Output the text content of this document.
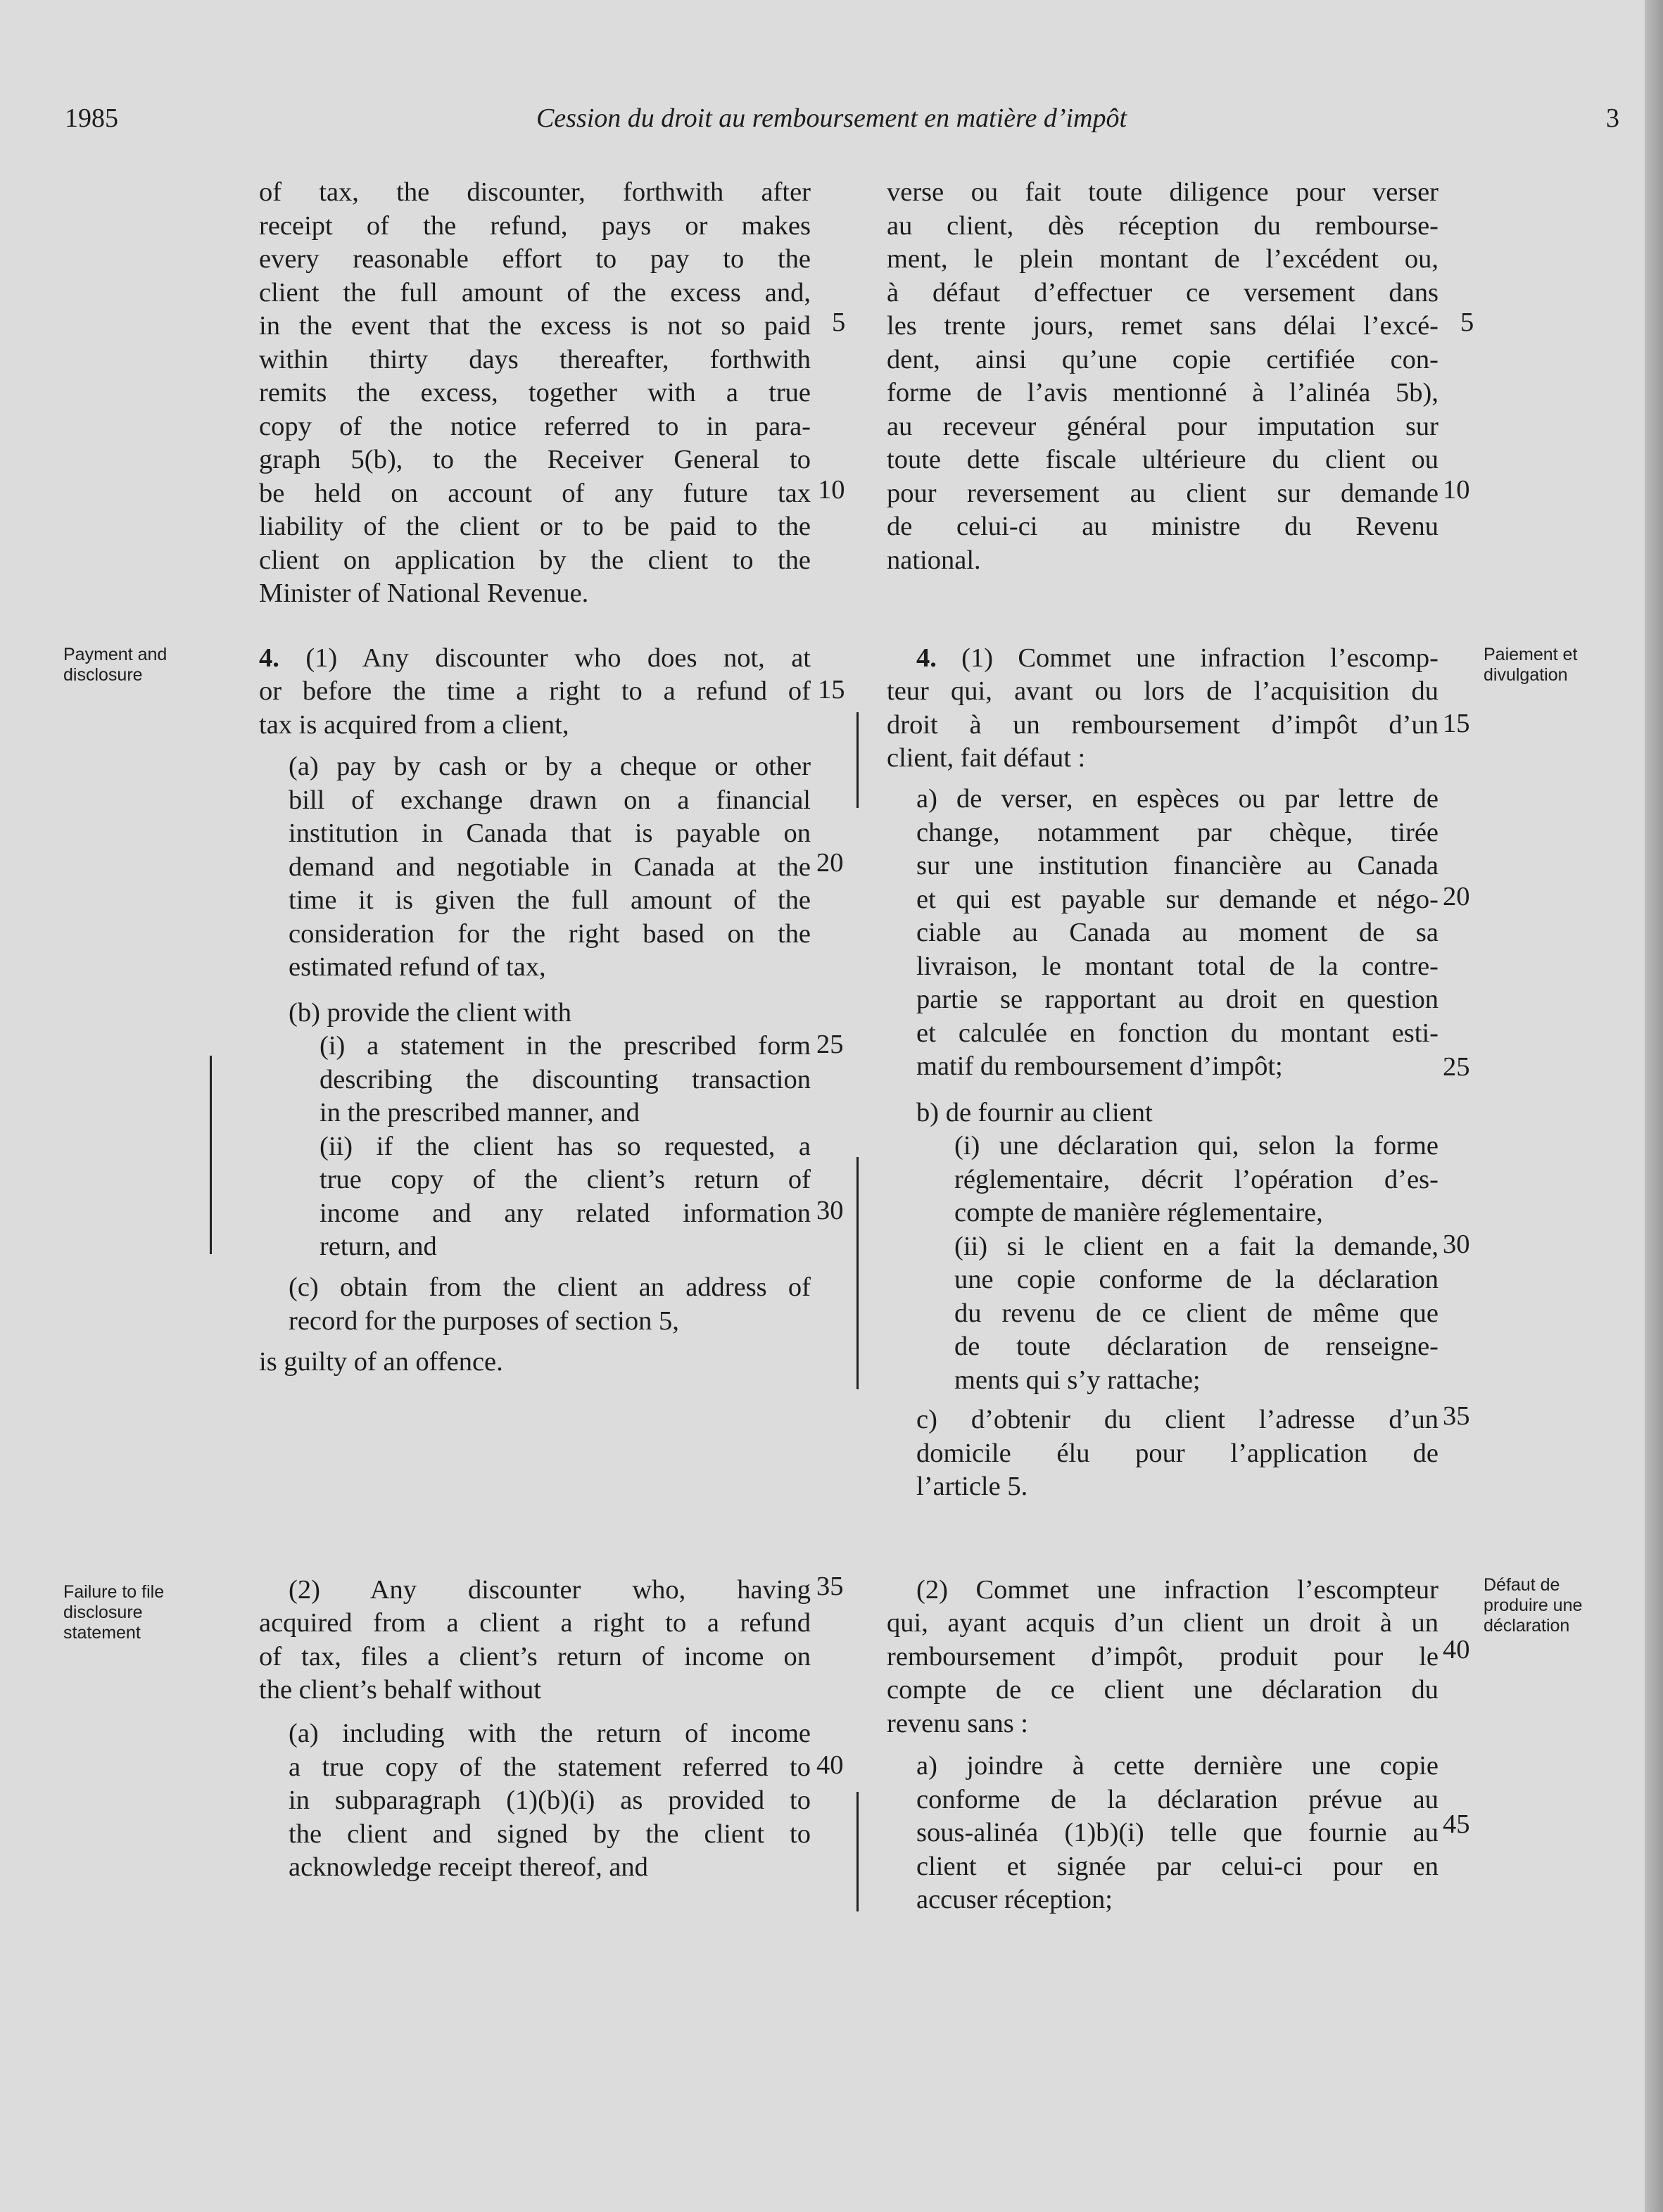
1985	Cession du droit au remboursement en matière d’impôt	3
Payment and
disclosure
Paiement et
divulgation
Failure to file
disclosure
statement
Défaut de
produire une
déclaration
5
10
15
20
25
30
35
35
40
40
45
5
10
15
20
25
30

of tax, the discounter, forthwith after

receipt of the refund, pays or makes

every reasonable effort to pay to the

client the full amount of the excess and,

in the event that the excess is not so paid

within thirty days thereafter, forthwith

remits the excess, together with a true

copy of the notice referred to in para-

graph 5(b), to the Receiver General to

be held on account of any future tax

liability of the client or to be paid to the

client on application by the client to the

Minister of National Revenue.

4. (1) Any discounter who does not, at

or before the time a right to a refund of

tax is acquired from a client,

(a) pay by cash or by a cheque or other

bill of exchange drawn on a financial

institution in Canada that is payable on

demand and negotiable in Canada at the

time it is given the full amount of the

consideration for the right based on the

estimated refund of tax,

(b) provide the client with

(i) a statement in the prescribed form

describing the discounting transaction

in the prescribed manner, and

(ii) if the client has so requested, a

true copy of the client’s return of

income and any related information

return, and

(c) obtain from the client an address of

record for the purposes of section 5,

is guilty of an offence.

(2) Any discounter who, having

acquired from a client a right to a refund

of tax, files a client’s return of income on

the client’s behalf without

(a) including with the return of income

a true copy of the statement referred to

in subparagraph (1)(b)(i) as provided to

the client and signed by the client to

acknowledge receipt thereof, and

verse ou fait toute diligence pour verser

au client, dès réception du rembourse-

ment, le plein montant de l’excédent ou,

à défaut d’effectuer ce versement dans

les trente jours, remet sans délai l’excé-

dent, ainsi qu’une copie certifiée con-

forme de l’avis mentionné à l’alinéa 5b),

au receveur général pour imputation sur

toute dette fiscale ultérieure du client ou

pour reversement au client sur demande

de celui-ci au ministre du Revenu

national.

4. (1) Commet une infraction l’escomp-

teur qui, avant ou lors de l’acquisition du

droit à un remboursement d’impôt d’un

client, fait défaut :

a) de verser, en espèces ou par lettre de

change, notamment par chèque, tirée

sur une institution financière au Canada

et qui est payable sur demande et négo-

ciable au Canada au moment de sa

livraison, le montant total de la contre-

partie se rapportant au droit en question

et calculée en fonction du montant esti-

matif du remboursement d’impôt;

b) de fournir au client

(i) une déclaration qui, selon la forme

réglementaire, décrit l’opération d’es-

compte de manière réglementaire,

(ii) si le client en a fait la demande,

une copie conforme de la déclaration

du revenu de ce client de même que

de toute déclaration de renseigne-

ments qui s’y rattache;

c) d’obtenir du client l’adresse d’un

domicile élu pour l’application de

l’article 5.

(2) Commet une infraction l’escompteur

qui, ayant acquis d’un client un droit à un

remboursement d’impôt, produit pour le

compte de ce client une déclaration du

revenu sans :

a) joindre à cette dernière une copie

conforme de la déclaration prévue au

sous-alinéa (1)b)(i) telle que fournie au

client et signée par celui-ci pour en

accuser réception;
